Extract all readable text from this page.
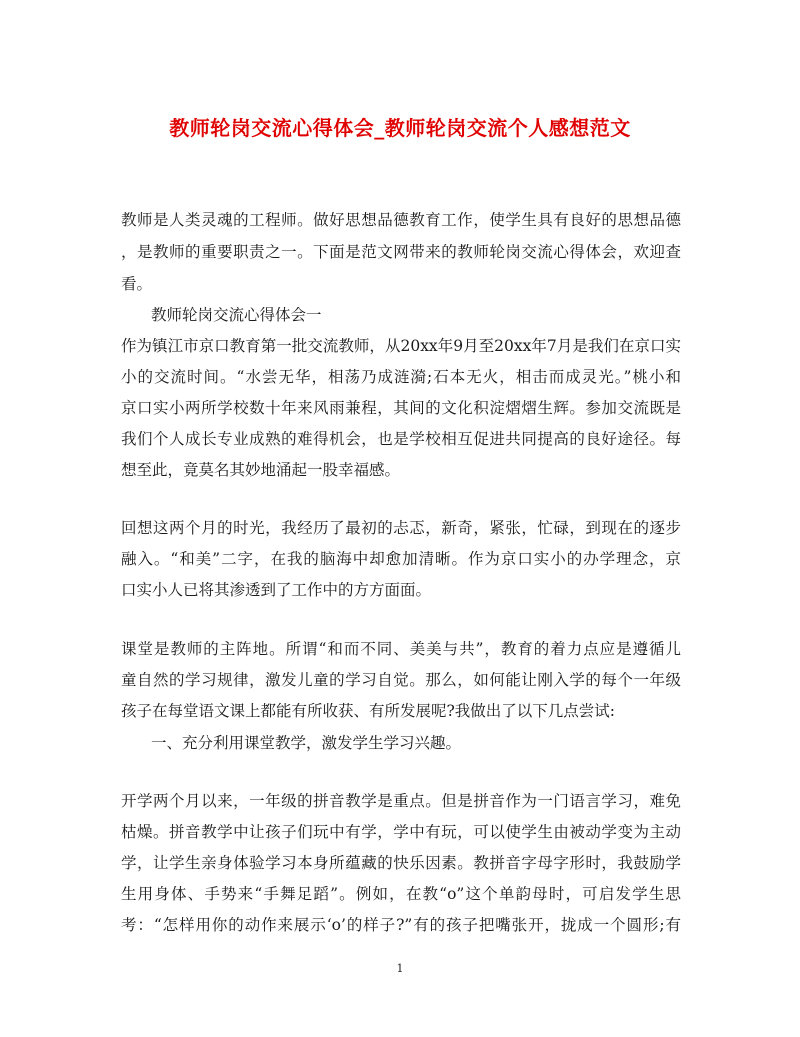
教师轮岗交流心得体会_教师轮岗交流个人感想范文
教师是人类灵魂的工程师。做好思想品德教育工作，使学生具有良好的思想品德
，是教师的重要职责之一。下面是范文网带来的教师轮岗交流心得体会，欢迎查
看。
教师轮岗交流心得体会一
作为镇江市京口教育第一批交流教师，从20xx年9月至20xx年7月是我们在京口实
小的交流时间。“水尝无华，相荡乃成涟漪;石本无火，相击而成灵光。”桃小和
京口实小两所学校数十年来风雨兼程，其间的文化积淀熠熠生辉。参加交流既是
我们个人成长专业成熟的难得机会，也是学校相互促进共同提高的良好途径。每
想至此，竟莫名其妙地涌起一股幸福感。
回想这两个月的时光，我经历了最初的忐忑，新奇，紧张，忙碌，到现在的逐步
融入。“和美”二字，在我的脑海中却愈加清晰。作为京口实小的办学理念，京
口实小人已将其渗透到了工作中的方方面面。
课堂是教师的主阵地。所谓“和而不同、美美与共”，教育的着力点应是遵循儿
童自然的学习规律，激发儿童的学习自觉。那么，如何能让刚入学的每个一年级
孩子在每堂语文课上都能有所收获、有所发展呢?我做出了以下几点尝试:
一、充分利用课堂教学，激发学生学习兴趣。
开学两个月以来，一年级的拼音教学是重点。但是拼音作为一门语言学习，难免
枯燥。拼音教学中让孩子们玩中有学，学中有玩，可以使学生由被动学变为主动
学，让学生亲身体验学习本身所蕴藏的快乐因素。教拼音字母字形时，我鼓励学
生用身体、手势来“手舞足蹈”。例如，在教“o”这个单韵母时，可启发学生思
考：“怎样用你的动作来展示‘o’的样子?”有的孩子把嘴张开，拢成一个圆形;有
1
